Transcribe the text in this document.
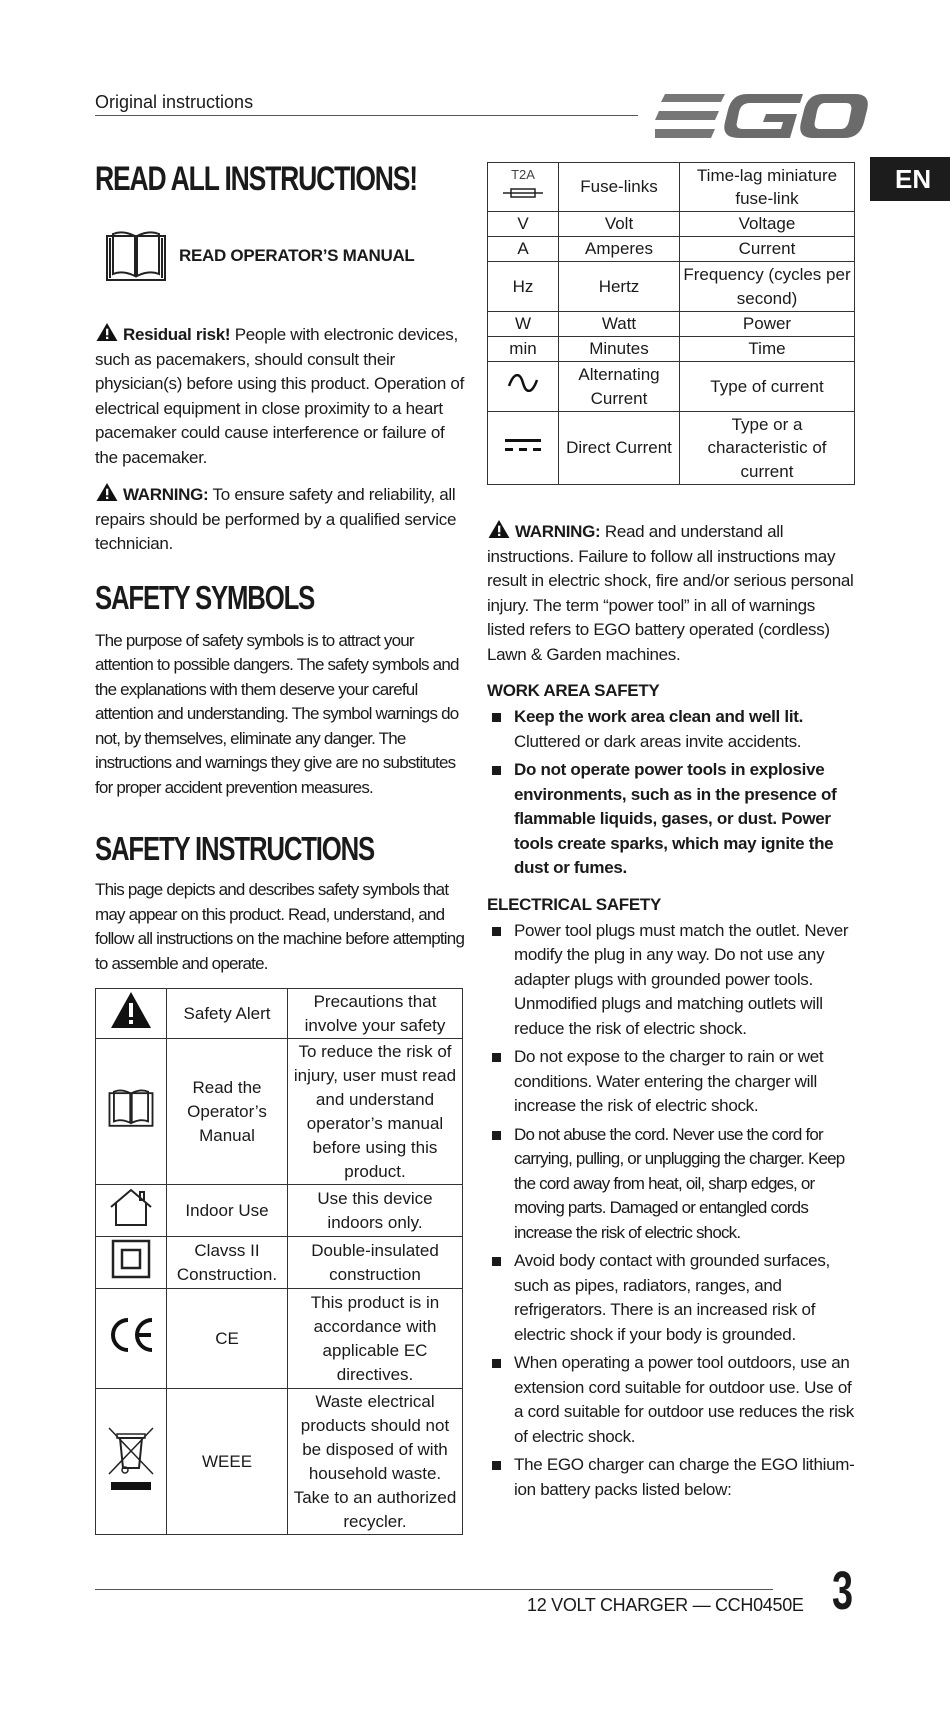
Original instructions
EN
READ ALL INSTRUCTIONS!
READ OPERATOR’S MANUAL

Residual risk! People with electronic devices, such as pacemakers, should consult their physician(s) before using this product. Operation of electrical equipment in close proximity to a heart pacemaker could cause interference or failure of the pacemaker.

WARNING: To ensure safety and reliability, all repairs should be performed by a qualified service technician.

SAFETY SYMBOLS

The purpose of safety symbols is to attract your attention to possible dangers. The safety symbols and the explanations with them deserve your careful attention and understanding. The symbol warnings do not, by themselves, eliminate any danger. The instructions and warnings they give are no substitutes for proper accident prevention measures.

SAFETY INSTRUCTIONS

This page depicts and describes safety symbols that may appear on this product. Read, understand, and follow all instructions on the machine before attempting to assemble and operate.

	Safety Alert	Precautions that involve your safety
	Read the Operator’s Manual	To reduce the risk of injury, user must read and understand operator’s manual before using this product.
	Indoor Use	Use this device indoors only.
	Clavss II Construction.	Double-insulated construction
	CE	This product is in accordance with applicable EC directives.
	WEEE	Waste electrical products should not be disposed of with household waste. Take to an authorized recycler.
T2A	Fuse-links	Time-lag miniature fuse-link
V	Volt	Voltage
A	Amperes	Current
Hz	Hertz	Frequency (cycles per second)
W	Watt	Power
min	Minutes	Time
	Alternating Current	Type of current
	Direct Current	Type or a characteristic of current

WARNING: Read and understand all instructions. Failure to follow all instructions may result in electric shock, fire and/or serious personal injury. The term “power tool” in all of warnings listed refers to EGO battery operated (cordless) Lawn & Garden machines.

WORK AREA SAFETY
Keep the work area clean and well lit. Cluttered or dark areas invite accidents.
Do not operate power tools in explosive environments, such as in the presence of flammable liquids, gases, or dust. Power tools create sparks, which may ignite the dust or fumes.
ELECTRICAL SAFETY
Power tool plugs must match the outlet. Never modify the plug in any way. Do not use any adapter plugs with grounded power tools. Unmodified plugs and matching outlets will reduce the risk of electric shock.
Do not expose to the charger to rain or wet conditions. Water entering the charger will increase the risk of electric shock.
Do not abuse the cord. Never use the cord for carrying, pulling, or unplugging the charger. Keep the cord away from heat, oil, sharp edges, or moving parts. Damaged or entangled cords increase the risk of electric shock.
Avoid body contact with grounded surfaces, such as pipes, radiators, ranges, and refrigerators. There is an increased risk of electric shock if your body is grounded.
When operating a power tool outdoors, use an extension cord suitable for outdoor use. Use of a cord suitable for outdoor use reduces the risk of electric shock.
The EGO charger can charge the EGO lithium-ion battery packs listed below:
12 VOLT CHARGER — CCH0450E 3
